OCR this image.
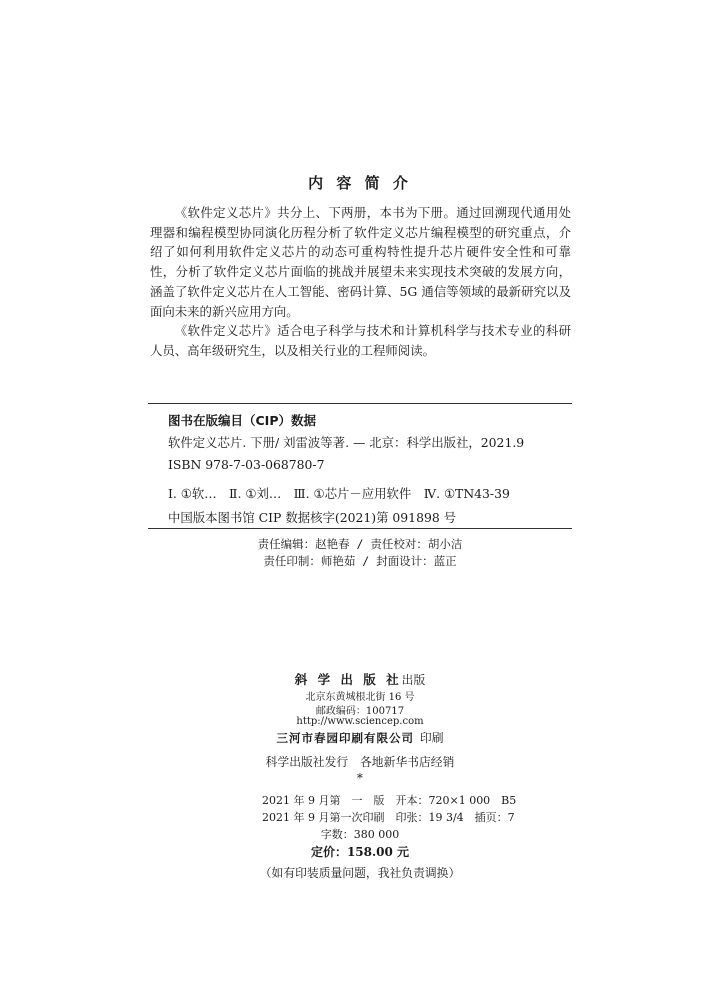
内 容 简 介

《软件定义芯片》共分上、下两册，本书为下册。通过回溯现代通用处理器和编程模型协同演化历程分析了软件定义芯片编程模型的研究重点，介绍了如何利用软件定义芯片的动态可重构特性提升芯片硬件安全性和可靠性，分析了软件定义芯片面临的挑战并展望未来实现技术突破的发展方向，涵盖了软件定义芯片在人工智能、密码计算、5G 通信等领域的最新研究以及面向未来的新兴应用方向。

《软件定义芯片》适合电子科学与技术和计算机科学与技术专业的科研人员、高年级研究生，以及相关行业的工程师阅读。

图书在版编目（CIP）数据
软件定义芯片. 下册/ 刘雷波等著. — 北京：科学出版社，2021.9
ISBN 978-7-03-068780-7
Ⅰ. ①软…　Ⅱ. ①刘…　Ⅲ. ①芯片－应用软件　Ⅳ. ①TN43-39
中国版本图书馆 CIP 数据核字(2021)第 091898 号
责任编辑：赵艳春 / 责任校对：胡小洁
责任印制：师艳茹 / 封面设计：蓝正
斜 学 出 版 社出版
北京东黄城根北街 16 号
邮政编码：100717
http://www.sciencep.com
三河市春园印刷有限公司  印刷
科学出版社发行　各地新华书店经销
*
2021 年 9 月第　一　版　开本：720×1 000　B5
2021 年 9 月第一次印刷　印张：19 3/4　插页：7
字数：380 000
定价：158.00 元
（如有印装质量问题，我社负责调换）
